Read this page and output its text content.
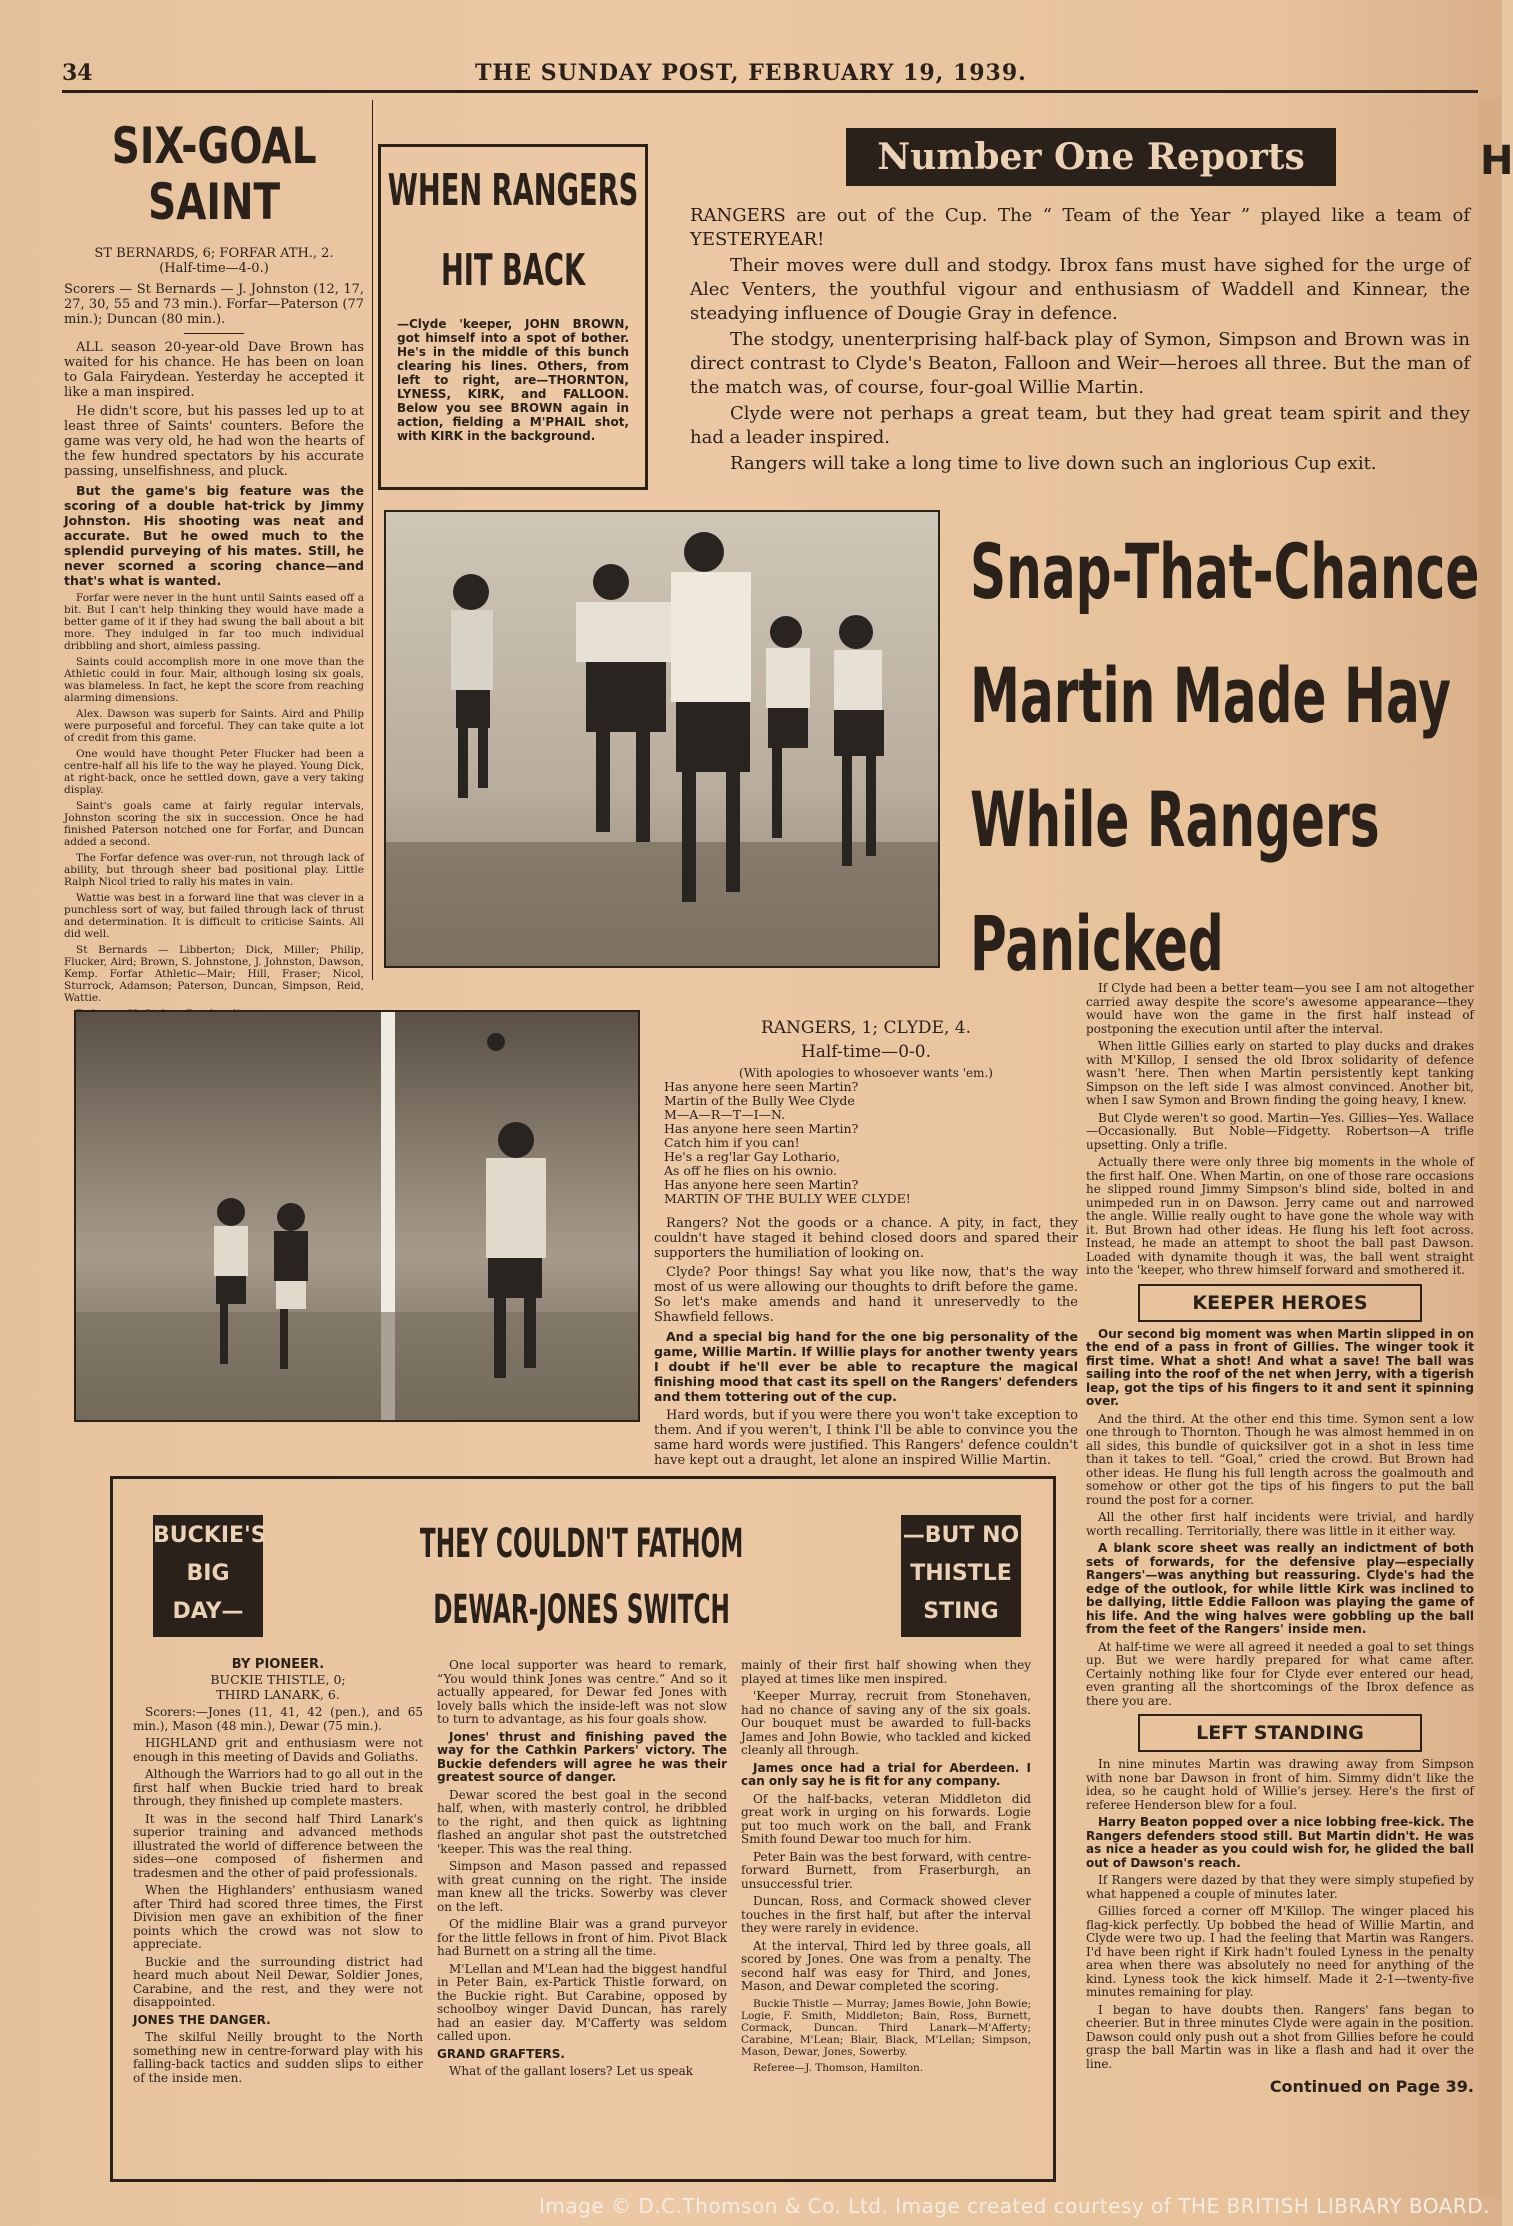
34	THE SUNDAY POST, FEBRUARY 19, 1939.
H
SIX-GOAL
SAINT
ST BERNARDS, 6; FORFAR ATH., 2.
(Half-time—4-0.)
Scorers — St Bernards — J. Johnston (12, 17, 27, 30, 55 and 73 min.). Forfar—Paterson (77 min.); Duncan (80 min.).

ALL season 20-year-old Dave Brown has waited for his chance. He has been on loan to Gala Fairydean. Yesterday he accepted it like a man inspired.

He didn't score, but his passes led up to at least three of Saints' counters. Before the game was very old, he had won the hearts of the few hundred spectators by his accurate passing, unselfishness, and pluck.

But the game's big feature was the scoring of a double hat-trick by Jimmy Johnston. His shooting was neat and accurate. But he owed much to the splendid purveying of his mates. Still, he never scorned a scoring chance—and that's what is wanted.

Forfar were never in the hunt until Saints eased off a bit. But I can't help thinking they would have made a better game of it if they had swung the ball about a bit more. They indulged in far too much individual dribbling and short, aimless passing.

Saints could accomplish more in one move than the Athletic could in four. Mair, although losing six goals, was blameless. In fact, he kept the score from reaching alarming dimensions.

Alex. Dawson was superb for Saints. Aird and Philip were purposeful and forceful. They can take quite a lot of credit from this game.

One would have thought Peter Flucker had been a centre-half all his life to the way he played. Young Dick, at right-back, once he settled down, gave a very taking display.

Saint's goals came at fairly regular intervals, Johnston scoring the six in succession. Once he had finished Paterson notched one for Forfar, and Duncan added a second.

The Forfar defence was over-run, not through lack of ability, but through sheer bad positional play. Little Ralph Nicol tried to rally his mates in vain.

Wattie was best in a forward line that was clever in a punchless sort of way, but failed through lack of thrust and determination. It is difficult to criticise Saints. All did well.

St Bernards — Libberton; Dick, Miller; Philip, Flucker, Aird; Brown, S. Johnstone, J. Johnston, Dawson, Kemp. Forfar Athletic—Mair; Hill, Fraser; Nicol, Sturrock, Adamson; Paterson, Duncan, Simpson, Reid, Wattie.

WHEN RANGERS
HIT BACK
—Clyde 'keeper, JOHN BROWN, got himself into a spot of bother. He's in the middle of this bunch clearing his lines. Others, from left to right, are—THORNTON, LYNESS, KIRK, and FALLOON. Below you see BROWN again in action, fielding a M'PHAIL shot, with KIRK in the background.
Number One Reports

RANGERS are out of the Cup. The “ Team of the Year ” played like a team of YESTERYEAR!

Their moves were dull and stodgy. Ibrox fans must have sighed for the urge of Alec Venters, the youthful vigour and enthusiasm of Waddell and Kinnear, the steadying influence of Dougie Gray in defence.

The stodgy, unenterprising half-back play of Symon, Simpson and Brown was in direct contrast to Clyde's Beaton, Falloon and Weir—heroes all three. But the man of the match was, of course, four-goal Willie Martin.

Clyde were not perhaps a great team, but they had great team spirit and they had a leader inspired.

Rangers will take a long time to live down such an inglorious Cup exit.

Snap-That-Chance
Martin Made Hay
While Rangers
Panicked
RANGERS, 1; CLYDE, 4.
Half-time—0-0.
(With apologies to whosoever wants 'em.)
Has anyone here seen Martin?
Martin of the Bully Wee Clyde
M—A—R—T—I—N.
Has anyone here seen Martin?
Catch him if you can!
He's a reg'lar Gay Lothario,
As off he flies on his ownio.
Has anyone here seen Martin?
MARTIN OF THE BULLY WEE CLYDE!

Rangers? Not the goods or a chance. A pity, in fact, they couldn't have staged it behind closed doors and spared their supporters the humiliation of looking on.

Clyde? Poor things! Say what you like now, that's the way most of us were allowing our thoughts to drift before the game. So let's make amends and hand it unreservedly to the Shawfield fellows.

And a special big hand for the one big personality of the game, Willie Martin. If Willie plays for another twenty years I doubt if he'll ever be able to recapture the magical finishing mood that cast its spell on the Rangers' defenders and them tottering out of the cup.

Hard words, but if you were there you won't take exception to them. And if you weren't, I think I'll be able to convince you the same hard words were justified. This Rangers' defence couldn't have kept out a draught, let alone an inspired Willie Martin.

If Clyde had been a better team—you see I am not altogether carried away despite the score's awesome appearance—they would have won the game in the first half instead of postponing the execution until after the interval.

When little Gillies early on started to play ducks and drakes with M'Killop, I sensed the old Ibrox solidarity of defence wasn't 'here. Then when Martin persistently kept tanking Simpson on the left side I was almost convinced. Another bit, when I saw Symon and Brown finding the going heavy, I knew.

But Clyde weren't so good. Martin—Yes. Gillies—Yes. Wallace—Occasionally. But Noble—Fidgetty. Robertson—A trifle upsetting. Only a trifle.

Actually there were only three big moments in the whole of the first half. One. When Martin, on one of those rare occasions he slipped round Jimmy Simpson's blind side, bolted in and unimpeded run in on Dawson. Jerry came out and narrowed the angle. Willie really ought to have gone the whole way with it. But Brown had other ideas. He flung his left foot across. Instead, he made an attempt to shoot the ball past Dawson. Loaded with dynamite though it was, the ball went straight into the 'keeper, who threw himself forward and smothered it.

KEEPER HEROES

Our second big moment was when Martin slipped in on the end of a pass in front of Gillies. The winger took it first time. What a shot! And what a save! The ball was sailing into the roof of the net when Jerry, with a tigerish leap, got the tips of his fingers to it and sent it spinning over.

And the third. At the other end this time. Symon sent a low one through to Thornton. Though he was almost hemmed in on all sides, this bundle of quicksilver got in a shot in less time than it takes to tell. “Goal,” cried the crowd. But Brown had other ideas. He flung his full length across the goalmouth and somehow or other got the tips of his fingers to put the ball round the post for a corner.

All the other first half incidents were trivial, and hardly worth recalling. Territorially, there was little in it either way.

A blank score sheet was really an indictment of both sets of forwards, for the defensive play—especially Rangers'—was anything but reassuring. Clyde's had the edge of the outlook, for while little Kirk was inclined to be dallying, little Eddie Falloon was playing the game of his life. And the wing halves were gobbling up the ball from the feet of the Rangers' inside men.

At half-time we were all agreed it needed a goal to set things up. But we were hardly prepared for what came after. Certainly nothing like four for Clyde ever entered our head, even granting all the shortcomings of the Ibrox defence as there you are.

LEFT STANDING

In nine minutes Martin was drawing away from Simpson with none bar Dawson in front of him. Simmy didn't like the idea, so he caught hold of Willie's jersey. Here's the first of referee Henderson blew for a foul.

Harry Beaton popped over a nice lobbing free-kick. The Rangers defenders stood still. But Martin didn't. He was as nice a header as you could wish for, he glided the ball out of Dawson's reach.

If Rangers were dazed by that they were simply stupefied by what happened a couple of minutes later.

Gillies forced a corner off M'Killop. The winger placed his flag-kick perfectly. Up bobbed the head of Willie Martin, and Clyde were two up. I had the feeling that Martin was Rangers. I'd have been right if Kirk hadn't fouled Lyness in the penalty area when there was absolutely no need for anything of the kind. Lyness took the kick himself. Made it 2-1—twenty-five minutes remaining for play.

I began to have doubts then. Rangers' fans began to cheerier. But in three minutes Clyde were again in the position. Dawson could only push out a shot from Gillies before he could grasp the ball Martin was in like a flash and had it over the line.

Continued on Page 39.
BUCKIE'S
BIG
DAY—
THEY COULDN'T FATHOM
DEWAR-JONES SWITCH
—BUT NO
THISTLE
STING
BY PIONEER.
BUCKIE THISTLE, 0;
THIRD LANARK, 6.

Scorers:—Jones (11, 41, 42 (pen.), and 65 min.), Mason (48 min.), Dewar (75 min.).

HIGHLAND grit and enthusiasm were not enough in this meeting of Davids and Goliaths.

Although the Warriors had to go all out in the first half when Buckie tried hard to break through, they finished up complete masters.

It was in the second half Third Lanark's superior training and advanced methods illustrated the world of difference between the sides—one composed of fishermen and tradesmen and the other of paid professionals.

When the Highlanders' enthusiasm waned after Third had scored three times, the First Division men gave an exhibition of the finer points which the crowd was not slow to appreciate.

Buckie and the surrounding district had heard much about Neil Dewar, Soldier Jones, Carabine, and the rest, and they were not disappointed.

JONES THE DANGER.

The skilful Neilly brought to the North something new in centre-forward play with his falling-back tactics and sudden slips to either of the inside men.

One local supporter was heard to remark, “You would think Jones was centre.” And so it actually appeared, for Dewar fed Jones with lovely balls which the inside-left was not slow to turn to advantage, as his four goals show.

Jones' thrust and finishing paved the way for the Cathkin Parkers' victory. The Buckie defenders will agree he was their greatest source of danger.

Dewar scored the best goal in the second half, when, with masterly control, he dribbled to the right, and then quick as lightning flashed an angular shot past the outstretched 'keeper. This was the real thing.

Simpson and Mason passed and repassed with great cunning on the right. The inside man knew all the tricks. Sowerby was clever on the left.

Of the midline Blair was a grand purveyor for the little fellows in front of him. Pivot Black had Burnett on a string all the time.

M'Lellan and M'Lean had the biggest handful in Peter Bain, ex-Partick Thistle forward, on the Buckie right. But Carabine, opposed by schoolboy winger David Duncan, has rarely had an easier day. M'Cafferty was seldom called upon.

GRAND GRAFTERS.

What of the gallant losers? Let us speak

mainly of their first half showing when they played at times like men inspired.

'Keeper Murray, recruit from Stonehaven, had no chance of saving any of the six goals. Our bouquet must be awarded to full-backs James and John Bowie, who tackled and kicked cleanly all through.

James once had a trial for Aberdeen. I can only say he is fit for any company.

Of the half-backs, veteran Middleton did great work in urging on his forwards. Logie put too much work on the ball, and Frank Smith found Dewar too much for him.

Peter Bain was the best forward, with centre-forward Burnett, from Fraserburgh, an unsuccessful trier.

Duncan, Ross, and Cormack showed clever touches in the first half, but after the interval they were rarely in evidence.

At the interval, Third led by three goals, all scored by Jones. One was from a penalty. The second half was easy for Third, and Jones, Mason, and Dewar completed the scoring.

Buckie Thistle — Murray; James Bowie, John Bowie; Logie, F. Smith, Middleton; Bain, Ross, Burnett, Cormack, Duncan. Third Lanark—M'Afferty; Carabine, M'Lean; Blair, Black, M'Lellan; Simpson, Mason, Dewar, Jones, Sowerby.

Referee—J. Thomson, Hamilton.

Image © D.C.Thomson & Co. Ltd. Image created courtesy of THE BRITISH LIBRARY BOARD.
